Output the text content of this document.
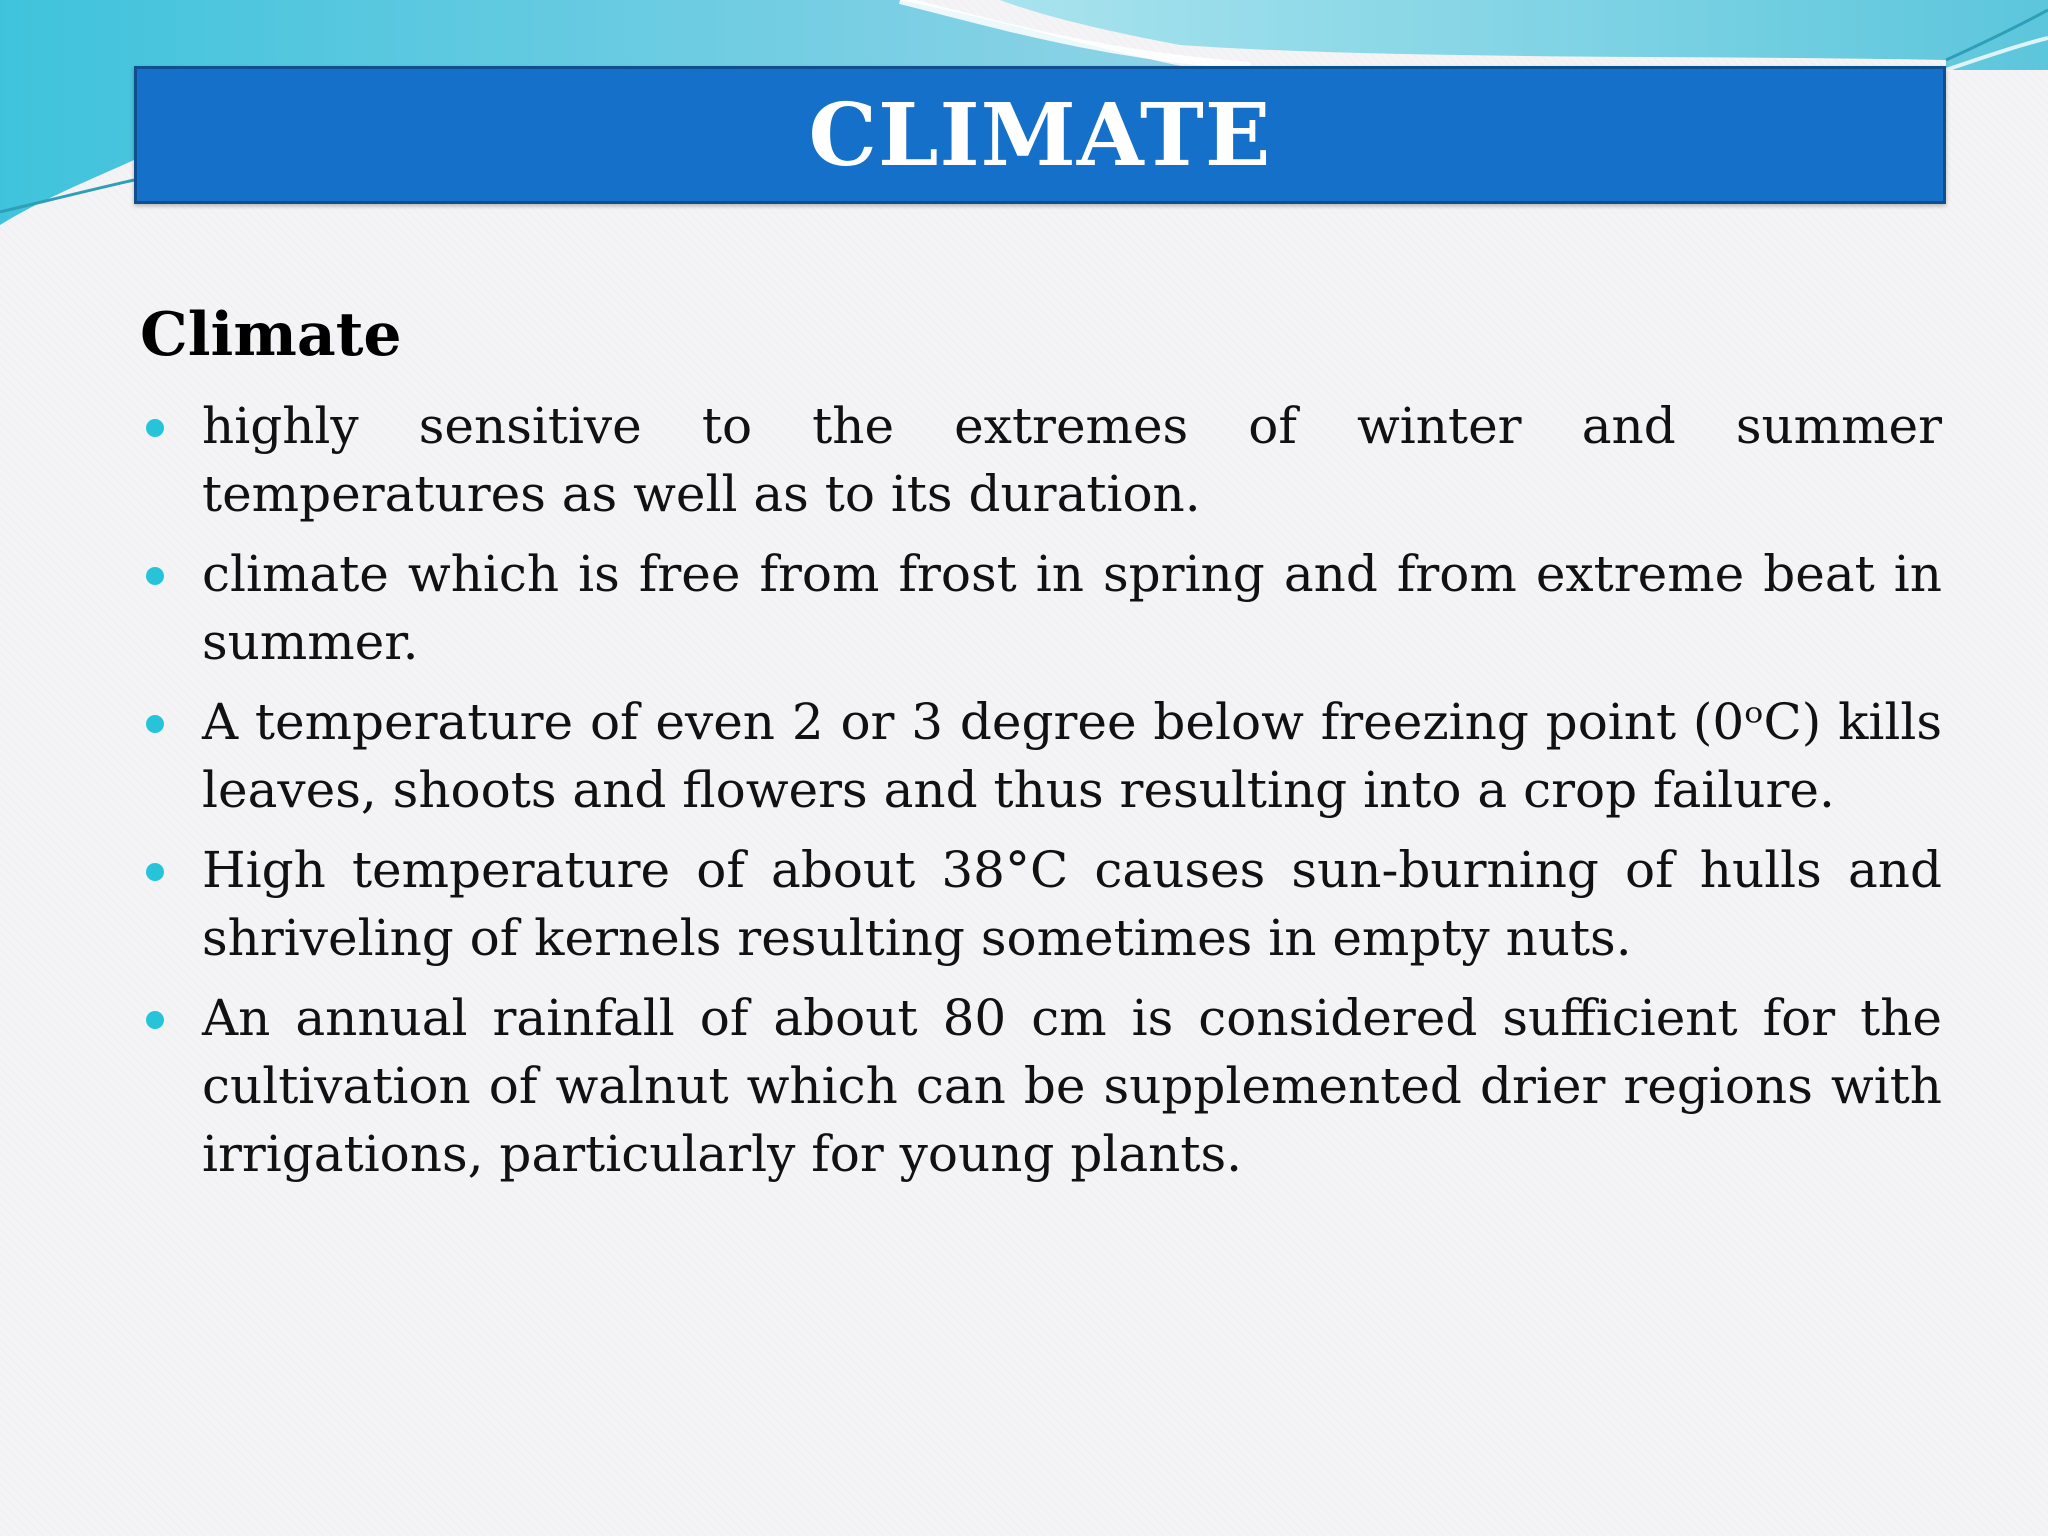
CLIMATE
Climate
highly sensitive to the extremes of winter and summer temperatures as well as to its duration.
climate which is free from frost in spring and from extreme beat in summer.
A temperature of even 2 or 3 degree below freezing point (0ᵒC) kills leaves, shoots and flowers and thus resulting into a crop failure.
High temperature of about 38°C causes sun-burning of hulls and shriveling of kernels resulting sometimes in empty nuts.
An annual rainfall of about 80 cm is considered sufficient for the cultivation of walnut which can be supplemented drier regions with irrigations, particularly for young plants.
